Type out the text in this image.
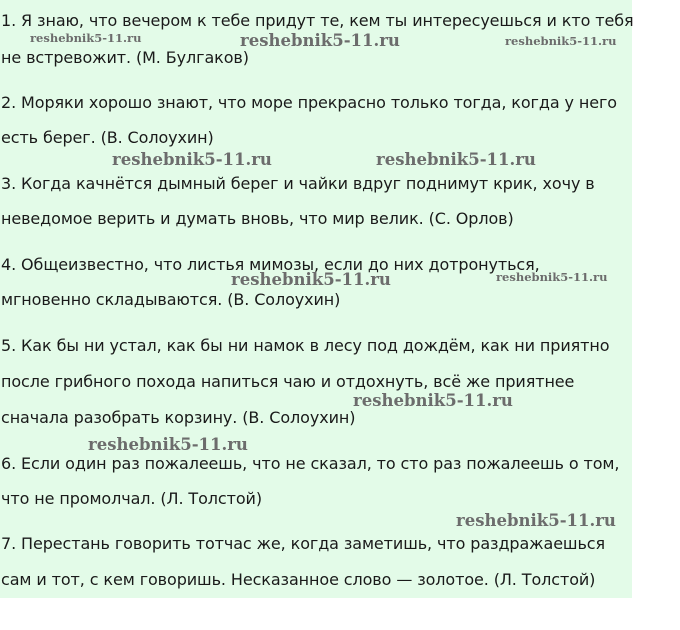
1. Я знаю, что вечером к тебе придут те, кем ты интересуешься и кто тебя
не встревожит. (М. Булгаков)
2. Моряки хорошо знают, что море прекрасно только тогда, когда у него
есть берег. (В. Солоухин)
3. Когда качнётся дымный берег и чайки вдруг поднимут крик, хочу в
неведомое верить и думать вновь, что мир велик. (С. Орлов)
4. Общеизвестно, что листья мимозы, если до них дотронуться,
мгновенно складываются. (В. Солоухин)
5. Как бы ни устал, как бы ни намок в лесу под дождём, как ни приятно
после грибного похода напиться чаю и отдохнуть, всё же приятнее
сначала разобрать корзину. (В. Солоухин)
6. Если один раз пожалеешь, что не сказал, то сто раз пожалеешь о том,
что не промолчал. (Л. Толстой)
7. Перестань говорить тотчас же, когда заметишь, что раздражаешься
сам и тот, с кем говоришь. Несказанное слово — золотое. (Л. Толстой)
reshebnik5-11.ru	reshebnik5-11.ru	reshebnik5-11.ru
reshebnik5-11.ru	reshebnik5-11.ru
reshebnik5-11.ru	reshebnik5-11.ru
reshebnik5-11.ru
reshebnik5-11.ru
reshebnik5-11.ru
